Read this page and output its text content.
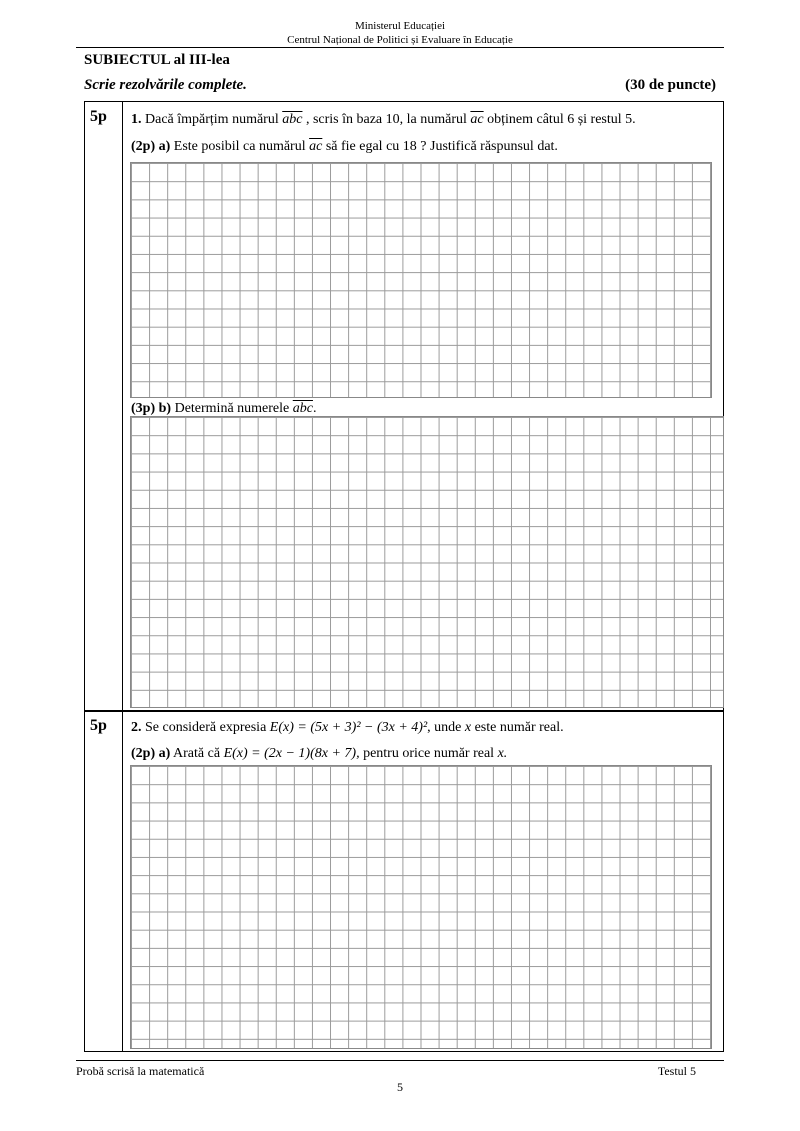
Ministerul Educației
Centrul Național de Politici și Evaluare în Educație
SUBIECTUL al III-lea
Scrie rezolvările complete.	(30 de puncte)
5p 1. Dacă împărțim numărul $\overline{abc}$ , scris în baza 10, la numărul $\overline{ac}$ obținem câtul 6 și restul 5.
(2p) a) Este posibil ca numărul $\overline{ac}$ să fie egal cu 18 ? Justifică răspunsul dat.
(3p) b) Determină numerele $\overline{abc}$.
5p 2. Se consideră expresia E(x) = (5x + 3)² − (3x + 4)², unde x este număr real.
(2p) a) Arată că E(x) = (2x − 1)(8x + 7), pentru orice număr real x.
Probă scrisă la matematică	Testul 5
5
